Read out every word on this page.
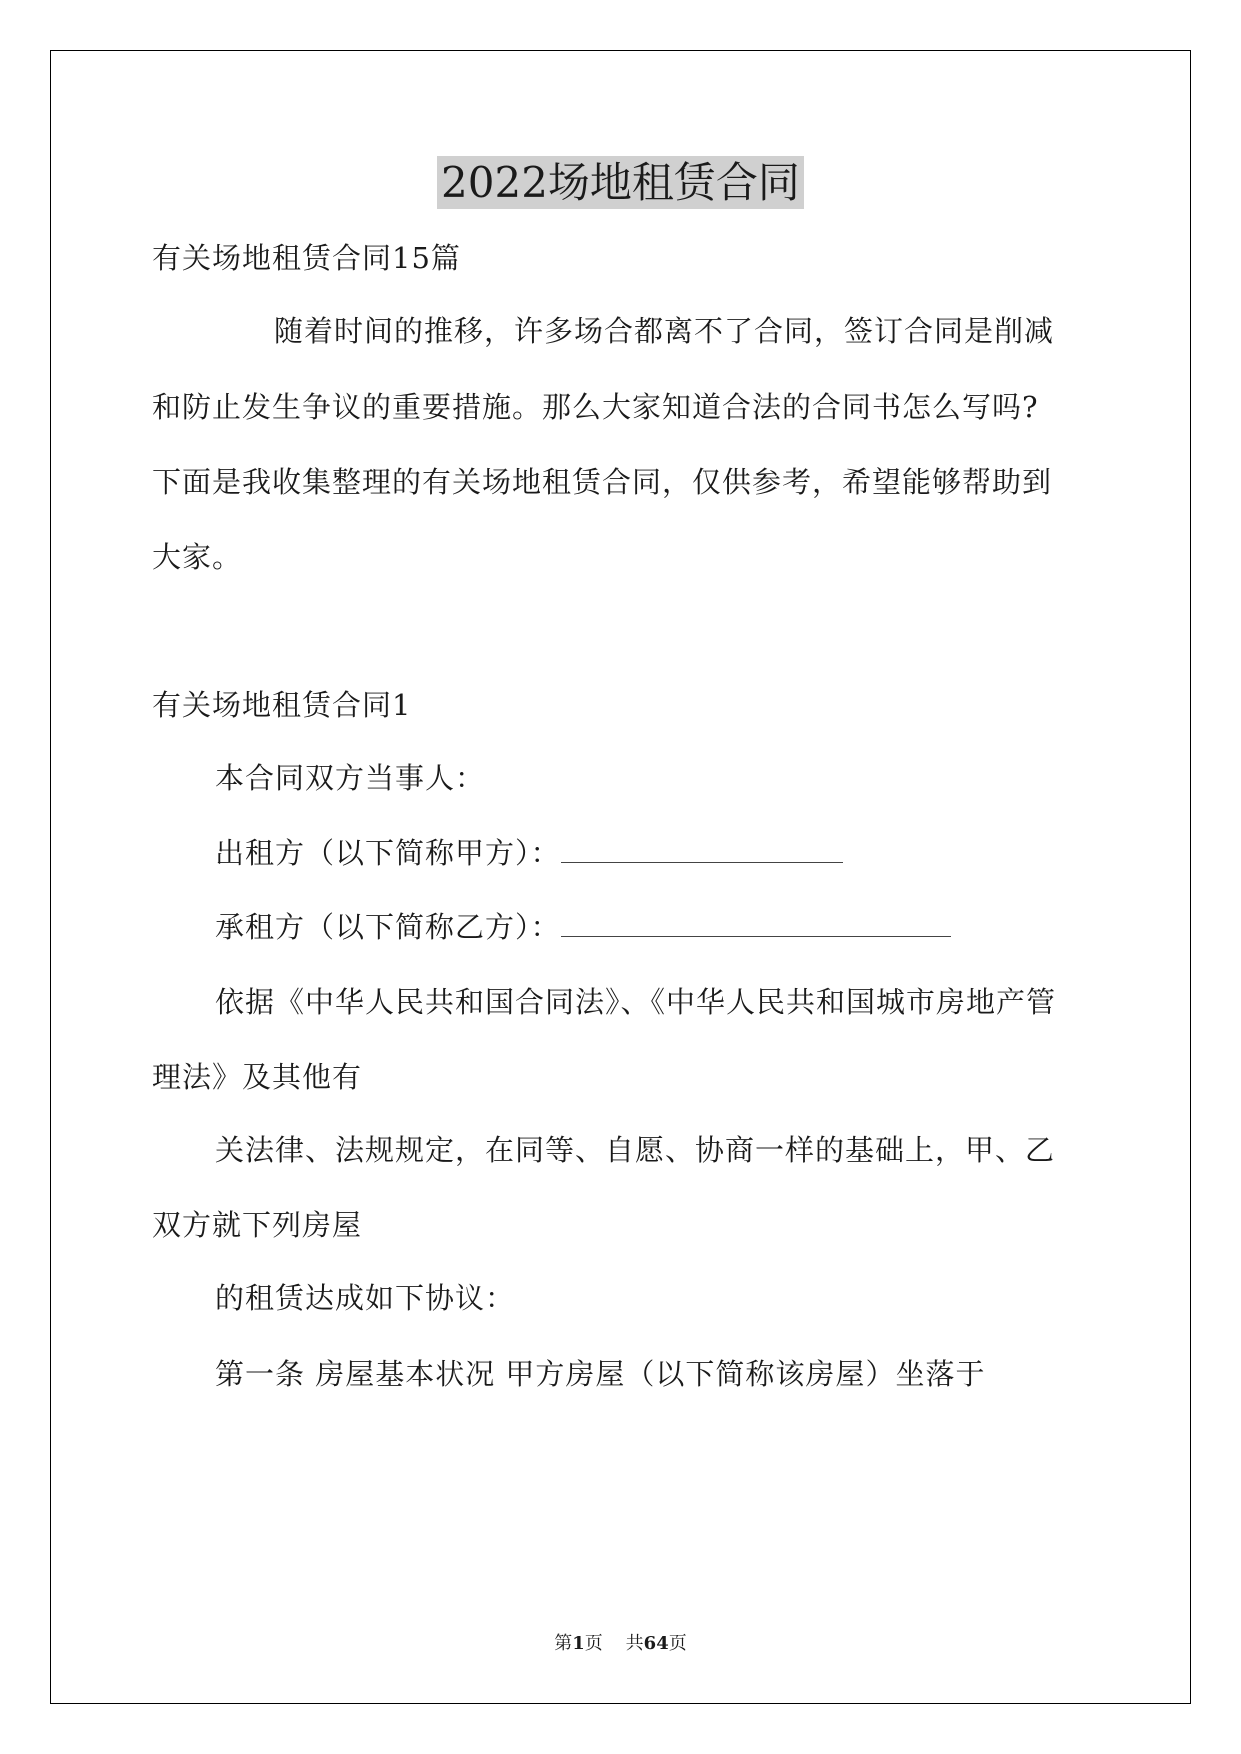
2022场地租赁合同
有关场地租赁合同15篇
随着时间的推移，许多场合都离不了合同，签订合同是削减
和防止发生争议的重要措施。那么大家知道合法的合同书怎么写吗?
下面是我收集整理的有关场地租赁合同，仅供参考，希望能够帮助到
大家。
有关场地租赁合同1
本合同双方当事人：
出租方（以下简称甲方）：
承租方（以下简称乙方）：
依据《中华人民共和国合同法》、《中华人民共和国城市房地产管
理法》及其他有
关法律、法规规定，在同等、自愿、协商一样的基础上，甲、乙
双方就下列房屋
的租赁达成如下协议：
第一条 房屋基本状况 甲方房屋（以下简称该房屋）坐落于
第1页    共64页
